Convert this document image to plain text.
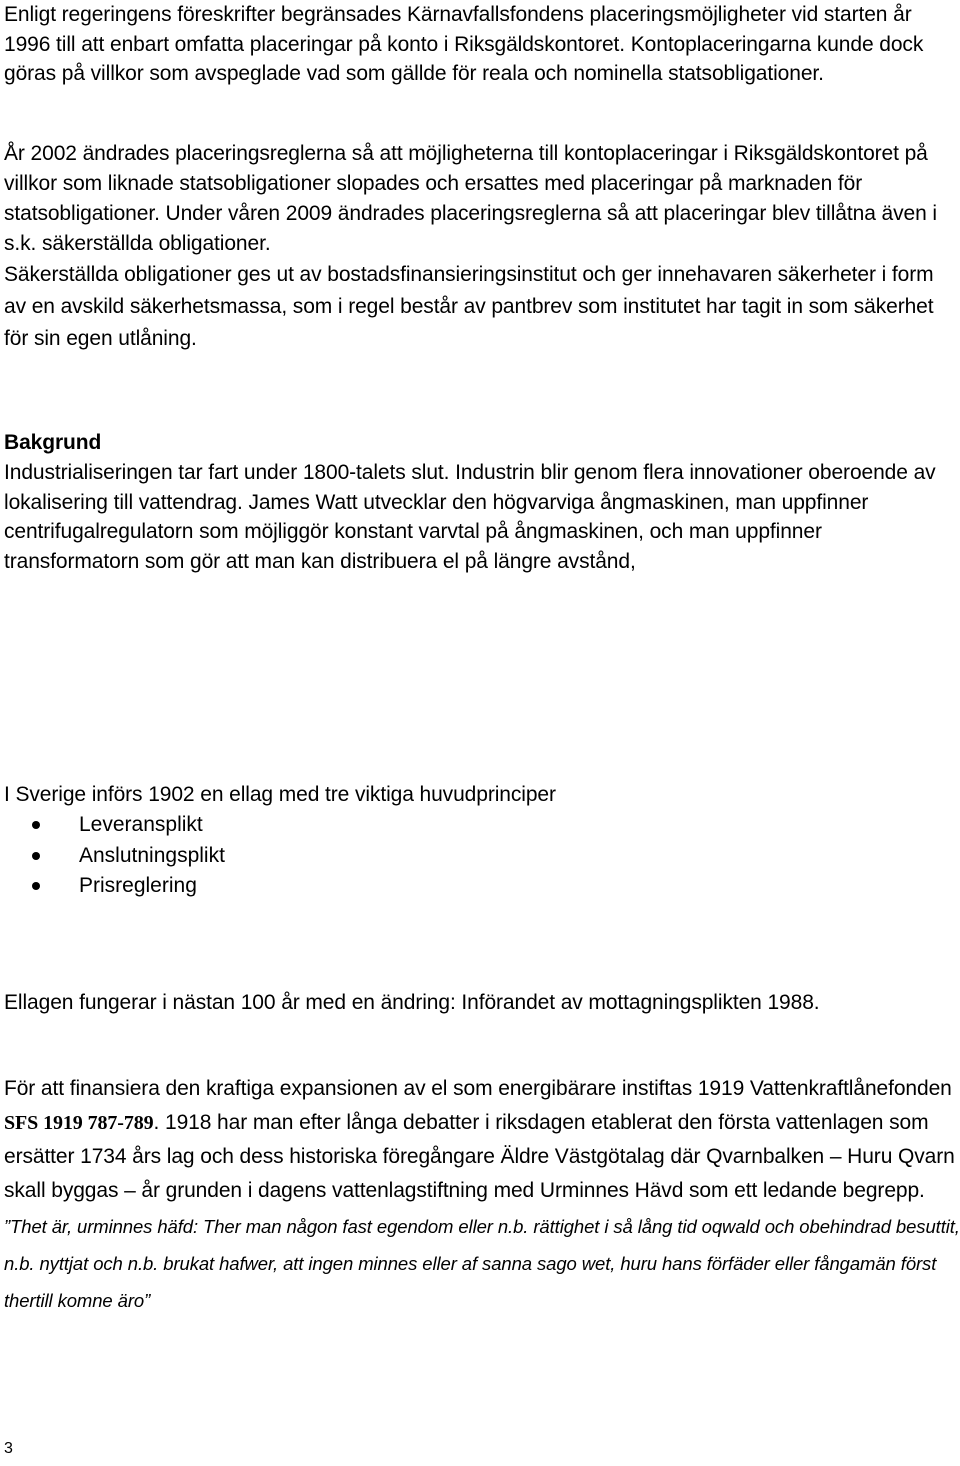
Enligt regeringens föreskrifter begränsades Kärnavfallsfondens placeringsmöjligheter vid starten år 1996 till att enbart omfatta placeringar på konto i Riksgäldskontoret. Kontoplaceringarna kunde dock göras på villkor som avspeglade vad som gällde för reala och nominella statsobligationer.

År 2002 ändrades placeringsreglerna så att möjligheterna till kontoplaceringar i Riksgäldskontoret på villkor som liknade statsobligationer slopades och ersattes med placeringar på marknaden för statsobligationer. Under våren 2009 ändrades placeringsreglerna så att placeringar blev tillåtna även i s.k. säkerställda obligationer.

Säkerställda obligationer ges ut av bostadsfinansieringsinstitut och ger innehavaren säkerheter i form av en avskild säkerhetsmassa, som i regel består av pantbrev som institutet har tagit in som säkerhet för sin egen utlåning.

Bakgrund

Industrialiseringen tar fart under 1800-talets slut. Industrin blir genom flera innovationer oberoende av lokalisering till vattendrag. James Watt utvecklar den högvarviga ångmaskinen, man uppfinner centrifugalregulatorn som möjliggör konstant varvtal på ångmaskinen, och man uppfinner transformatorn som gör att man kan distribuera el på längre avstånd,

I Sverige införs 1902 en ellag med tre viktiga huvudprinciper

Leveransplikt
Anslutningsplikt
Prisreglering

Ellagen fungerar i nästan 100 år med en ändring: Införandet av mottagningsplikten 1988.

För att finansiera den kraftiga expansionen av el som energibärare instiftas 1919 Vattenkraftlånefonden SFS 1919 787-789. 1918 har man efter långa debatter i riksdagen etablerat den första vattenlagen som ersätter 1734 års lag och dess historiska föregångare Äldre Västgötalag där Qvarnbalken – Huru Qvarn skall byggas – år grunden i dagens vattenlagstiftning med Urminnes Hävd som ett ledande begrepp. ”Thet är, urminnes häfd: Ther man någon fast egendom eller n.b. rättighet i så lång tid oqwald och obehindrad besuttit, n.b. nyttjat och n.b. brukat hafwer, att ingen minnes eller af sanna sago wet, huru hans förfäder eller fångamän först thertill komne äro”

3
